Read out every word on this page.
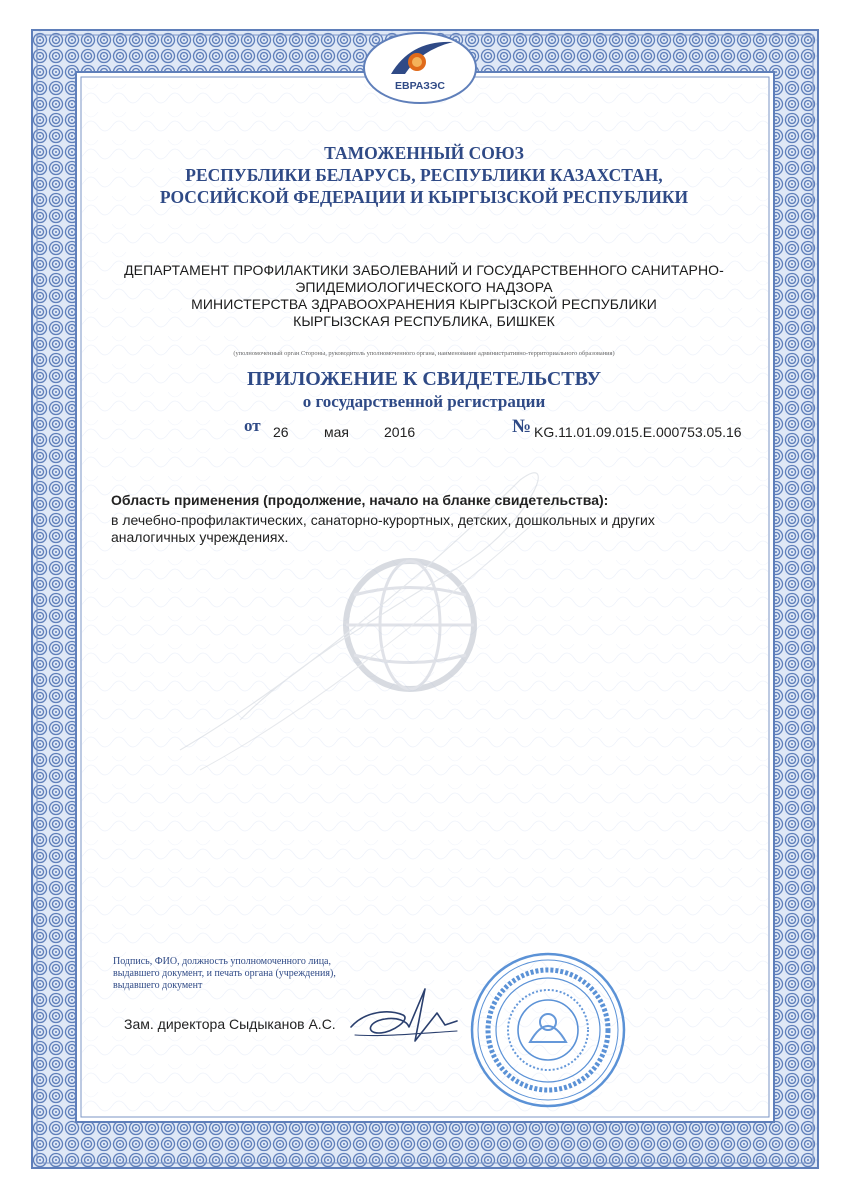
ЕВРАЗЭС
ТАМОЖЕННЫЙ СОЮЗ
РЕСПУБЛИКИ БЕЛАРУСЬ, РЕСПУБЛИКИ КАЗАХСТАН,
РОССИЙСКОЙ ФЕДЕРАЦИИ И КЫРГЫЗСКОЙ РЕСПУБЛИКИ
ДЕПАРТАМЕНТ ПРОФИЛАКТИКИ ЗАБОЛЕВАНИЙ И ГОСУДАРСТВЕННОГО САНИТАРНО-
ЭПИДЕМИОЛОГИЧЕСКОГО НАДЗОРА
МИНИСТЕРСТВА ЗДРАВООХРАНЕНИЯ КЫРГЫЗСКОЙ РЕСПУБЛИКИ
КЫРГЫЗСКАЯ РЕСПУБЛИКА, БИШКЕК
(уполномоченный орган Стороны, руководитель уполномоченного органа, наименование административно-территориального образования)
ПРИЛОЖЕНИЕ К СВИДЕТЕЛЬСТВУ
о государственной регистрации
от 26	мая	2016	№ KG.11.01.09.015.E.000753.05.16
Область применения (продолжение, начало на бланке свидетельства):
в лечебно-профилактических, санаторно-курортных, детских, дошкольных и других
аналогичных учреждениях.
Подпись, ФИО, должность уполномоченного лица,
выдавшего документ, и печать органа (учреждения),
выдавшего документ
Зам. директора Сыдыканов А.С.
